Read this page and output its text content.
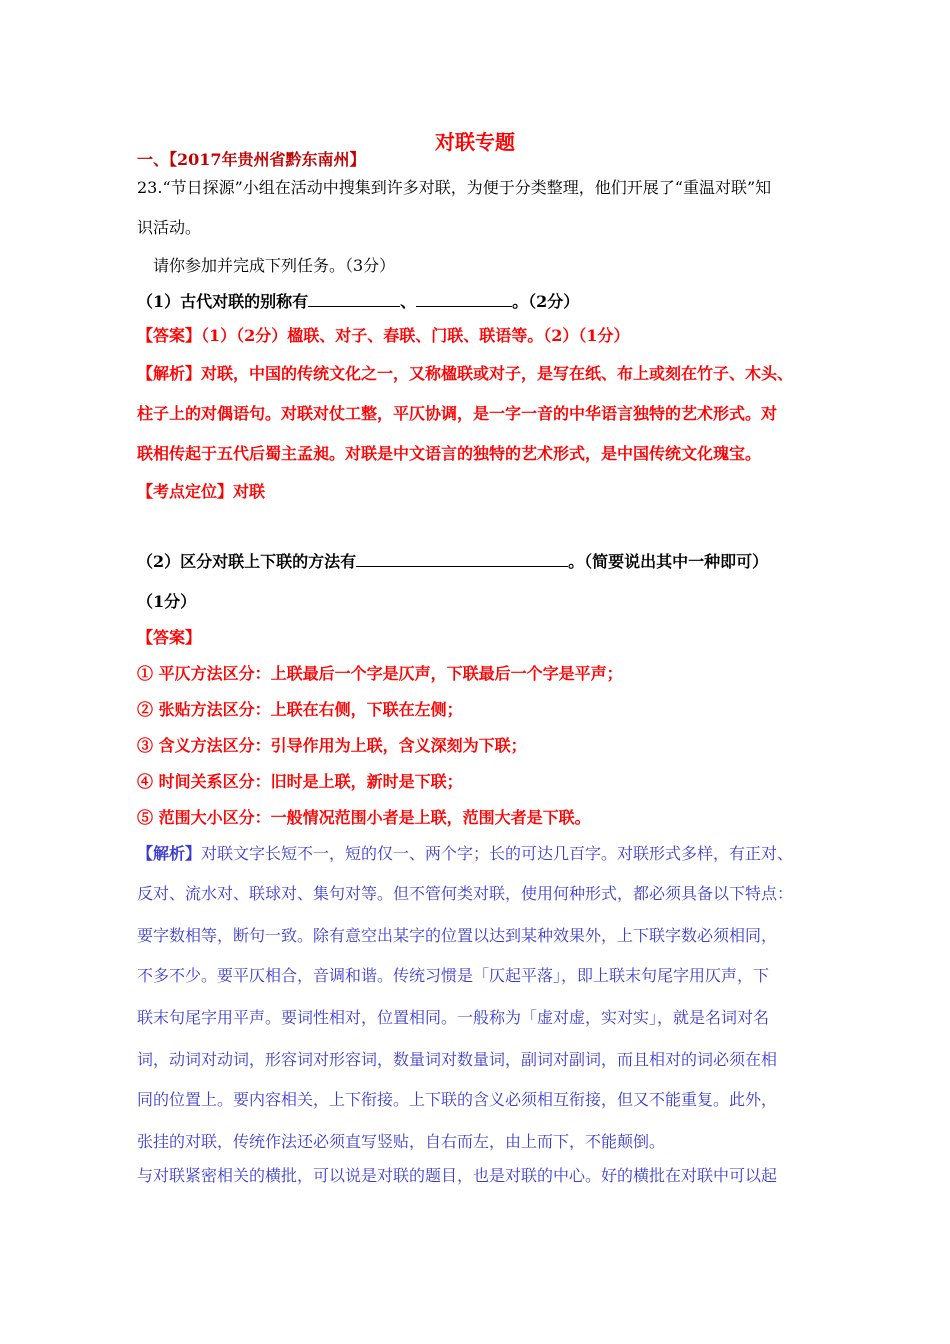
对联专题
一、【2017年贵州省黔东南州】
23.“节日探源”小组在活动中搜集到许多对联，为便于分类整理，他们开展了“重温对联”知
识活动。
请你参加并完成下列任务。（3分）
（1）古代对联的别称有	、	。（2分）
【答案】（1）（2分）楹联、对子、春联、门联、联语等。（2）（1分）
【解析】对联，中国的传统文化之一，又称楹联或对子，是写在纸、布上或刻在竹子、木头、
柱子上的对偶语句。对联对仗工整，平仄协调，是一字一音的中华语言独特的艺术形式。对
联相传起于五代后蜀主孟昶。对联是中文语言的独特的艺术形式，是中国传统文化瑰宝。
【考点定位】对联
（2）区分对联上下联的方法有	。（简要说出其中一种即可）
（1分）
【答案】
① 平仄方法区分：上联最后一个字是仄声，下联最后一个字是平声；
② 张贴方法区分：上联在右侧，下联在左侧；
③ 含义方法区分：引导作用为上联，含义深刻为下联；
④ 时间关系区分：旧时是上联，新时是下联；
⑤ 范围大小区分：一般情况范围小者是上联，范围大者是下联。
【解析】对联文字长短不一，短的仅一、两个字；长的可达几百字。对联形式多样，有正对、
反对、流水对、联球对、集句对等。但不管何类对联，使用何种形式，都必须具备以下特点：
要字数相等，断句一致。除有意空出某字的位置以达到某种效果外，上下联字数必须相同，
不多不少。要平仄相合，音调和谐。传统习惯是「仄起平落」，即上联末句尾字用仄声，下
联末句尾字用平声。要词性相对，位置相同。一般称为「虚对虚，实对实」，就是名词对名
词，动词对动词，形容词对形容词，数量词对数量词，副词对副词，而且相对的词必须在相
同的位置上。要内容相关，上下衔接。上下联的含义必须相互衔接，但又不能重复。此外，
张挂的对联，传统作法还必须直写竖贴，自右而左，由上而下，不能颠倒。
与对联紧密相关的横批，可以说是对联的题目，也是对联的中心。好的横批在对联中可以起
